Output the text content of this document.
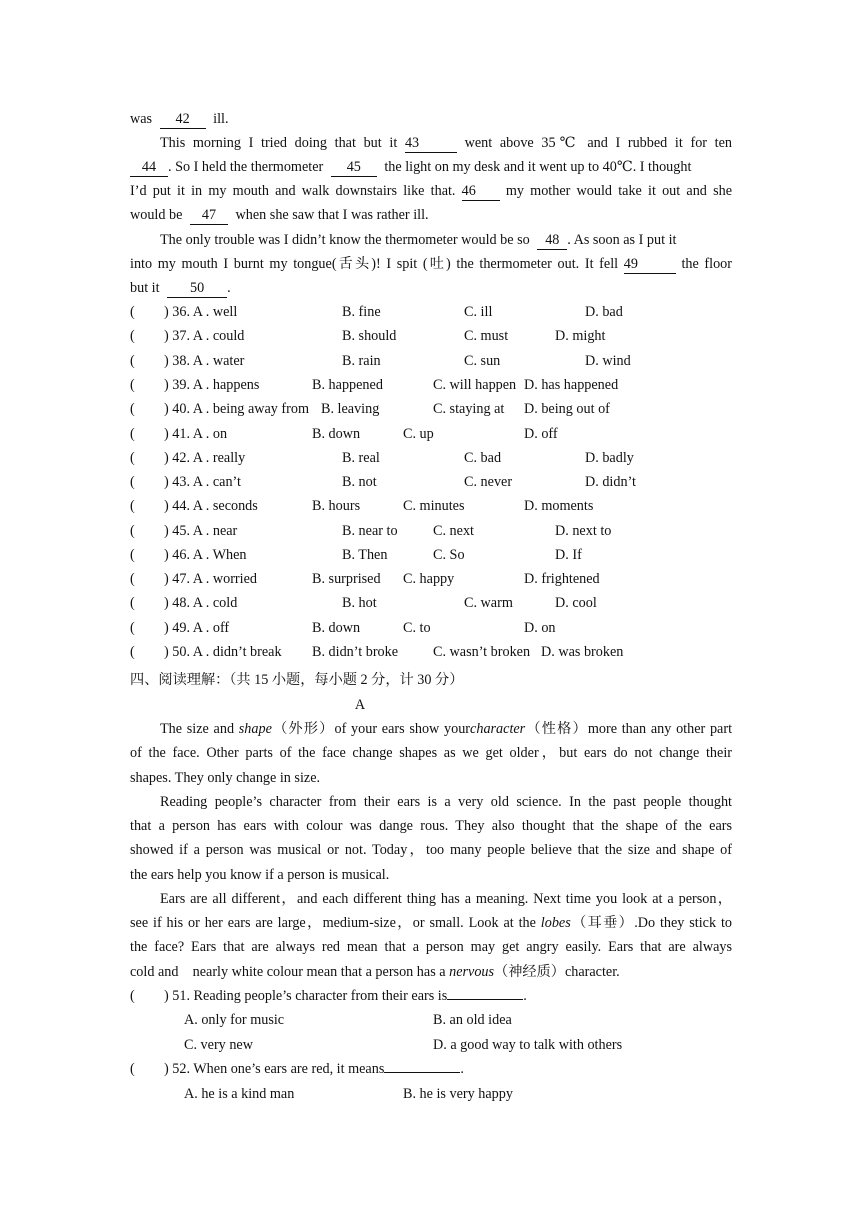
was 42 ill.
This morning I tried doing that but it 43	went above 35℃ and I rubbed it for ten
44 . So I held the thermometer 45 the light on my desk and it went up to 40℃. I thought
I’d put it in my mouth and walk downstairs like that. 46 my mother would take it out and she
would be 47 when she saw that I was rather ill.
The only trouble was I didn’t know the thermometer would be so 48 . As soon as I put it
into my mouth I burnt my tongue(舌头)! I spit (吐) the thermometer out. It fell 49	the floor
but it 50 .
( ) 36. A . well	B. fine	C. ill	D. bad
( ) 37. A . could	B. should	C. must	D. might
( ) 38. A . water	B. rain	C. sun	D. wind
( ) 39. A . happens	B. happened	C. will happen D. has happened
( ) 40. A . being away from B. leaving	C. staying at D. being out of
( ) 41. A . on	B. down	C. up	D. off
( ) 42. A . really	B. real	C. bad	D. badly
( ) 43. A . can’t	B. not	C. never	D. didn’t
( ) 44. A . seconds	B. hours	C. minutes	D. moments
( ) 45. A . near	B. near to C. next	D. next to
( ) 46. A . When	B. Then	C. So	D. If
( ) 47. A . worried	B. surprised C. happy	D. frightened
( ) 48. A . cold	B. hot	C. warm	D. cool
( ) 49. A . off	B. down	C. to	D. on
( ) 50. A . didn’t break B. didn’t broke C. wasn’t broken D. was broken
四、阅读理解：（共 15 小题，每小题 2 分，计 30 分）
A
The size and shape（外形）of your ears show yourcharacter（性格）more than any other part
of the face. Other parts of the face change shapes as we get older，but ears do not change their
shapes. They only change in size.
Reading people’s character from their ears is a very old science. In the past people thought
that a person has ears with colour was dange rous. They also thought that the shape of the ears
showed if a person was musical or not. Today，too many people believe that the size and shape of
the ears help you know if a person is musical.
Ears are all different，and each different thing has a meaning. Next time you look at a person，
see if his or her ears are large，medium-size，or small. Look at the lobes（耳垂）.Do they stick to
the face? Ears that are always red mean that a person may get angry easily. Ears that are always
cold and    nearly white colour mean that a person has a nervous（神经质）character.
( ) 51. Reading people’s character from their ears is	.
A. only for music	B. an old idea
C. very new	D. a good way to talk with others
( ) 52. When one’s ears are red, it means	.
A. he is a kind man	B. he is very happy
